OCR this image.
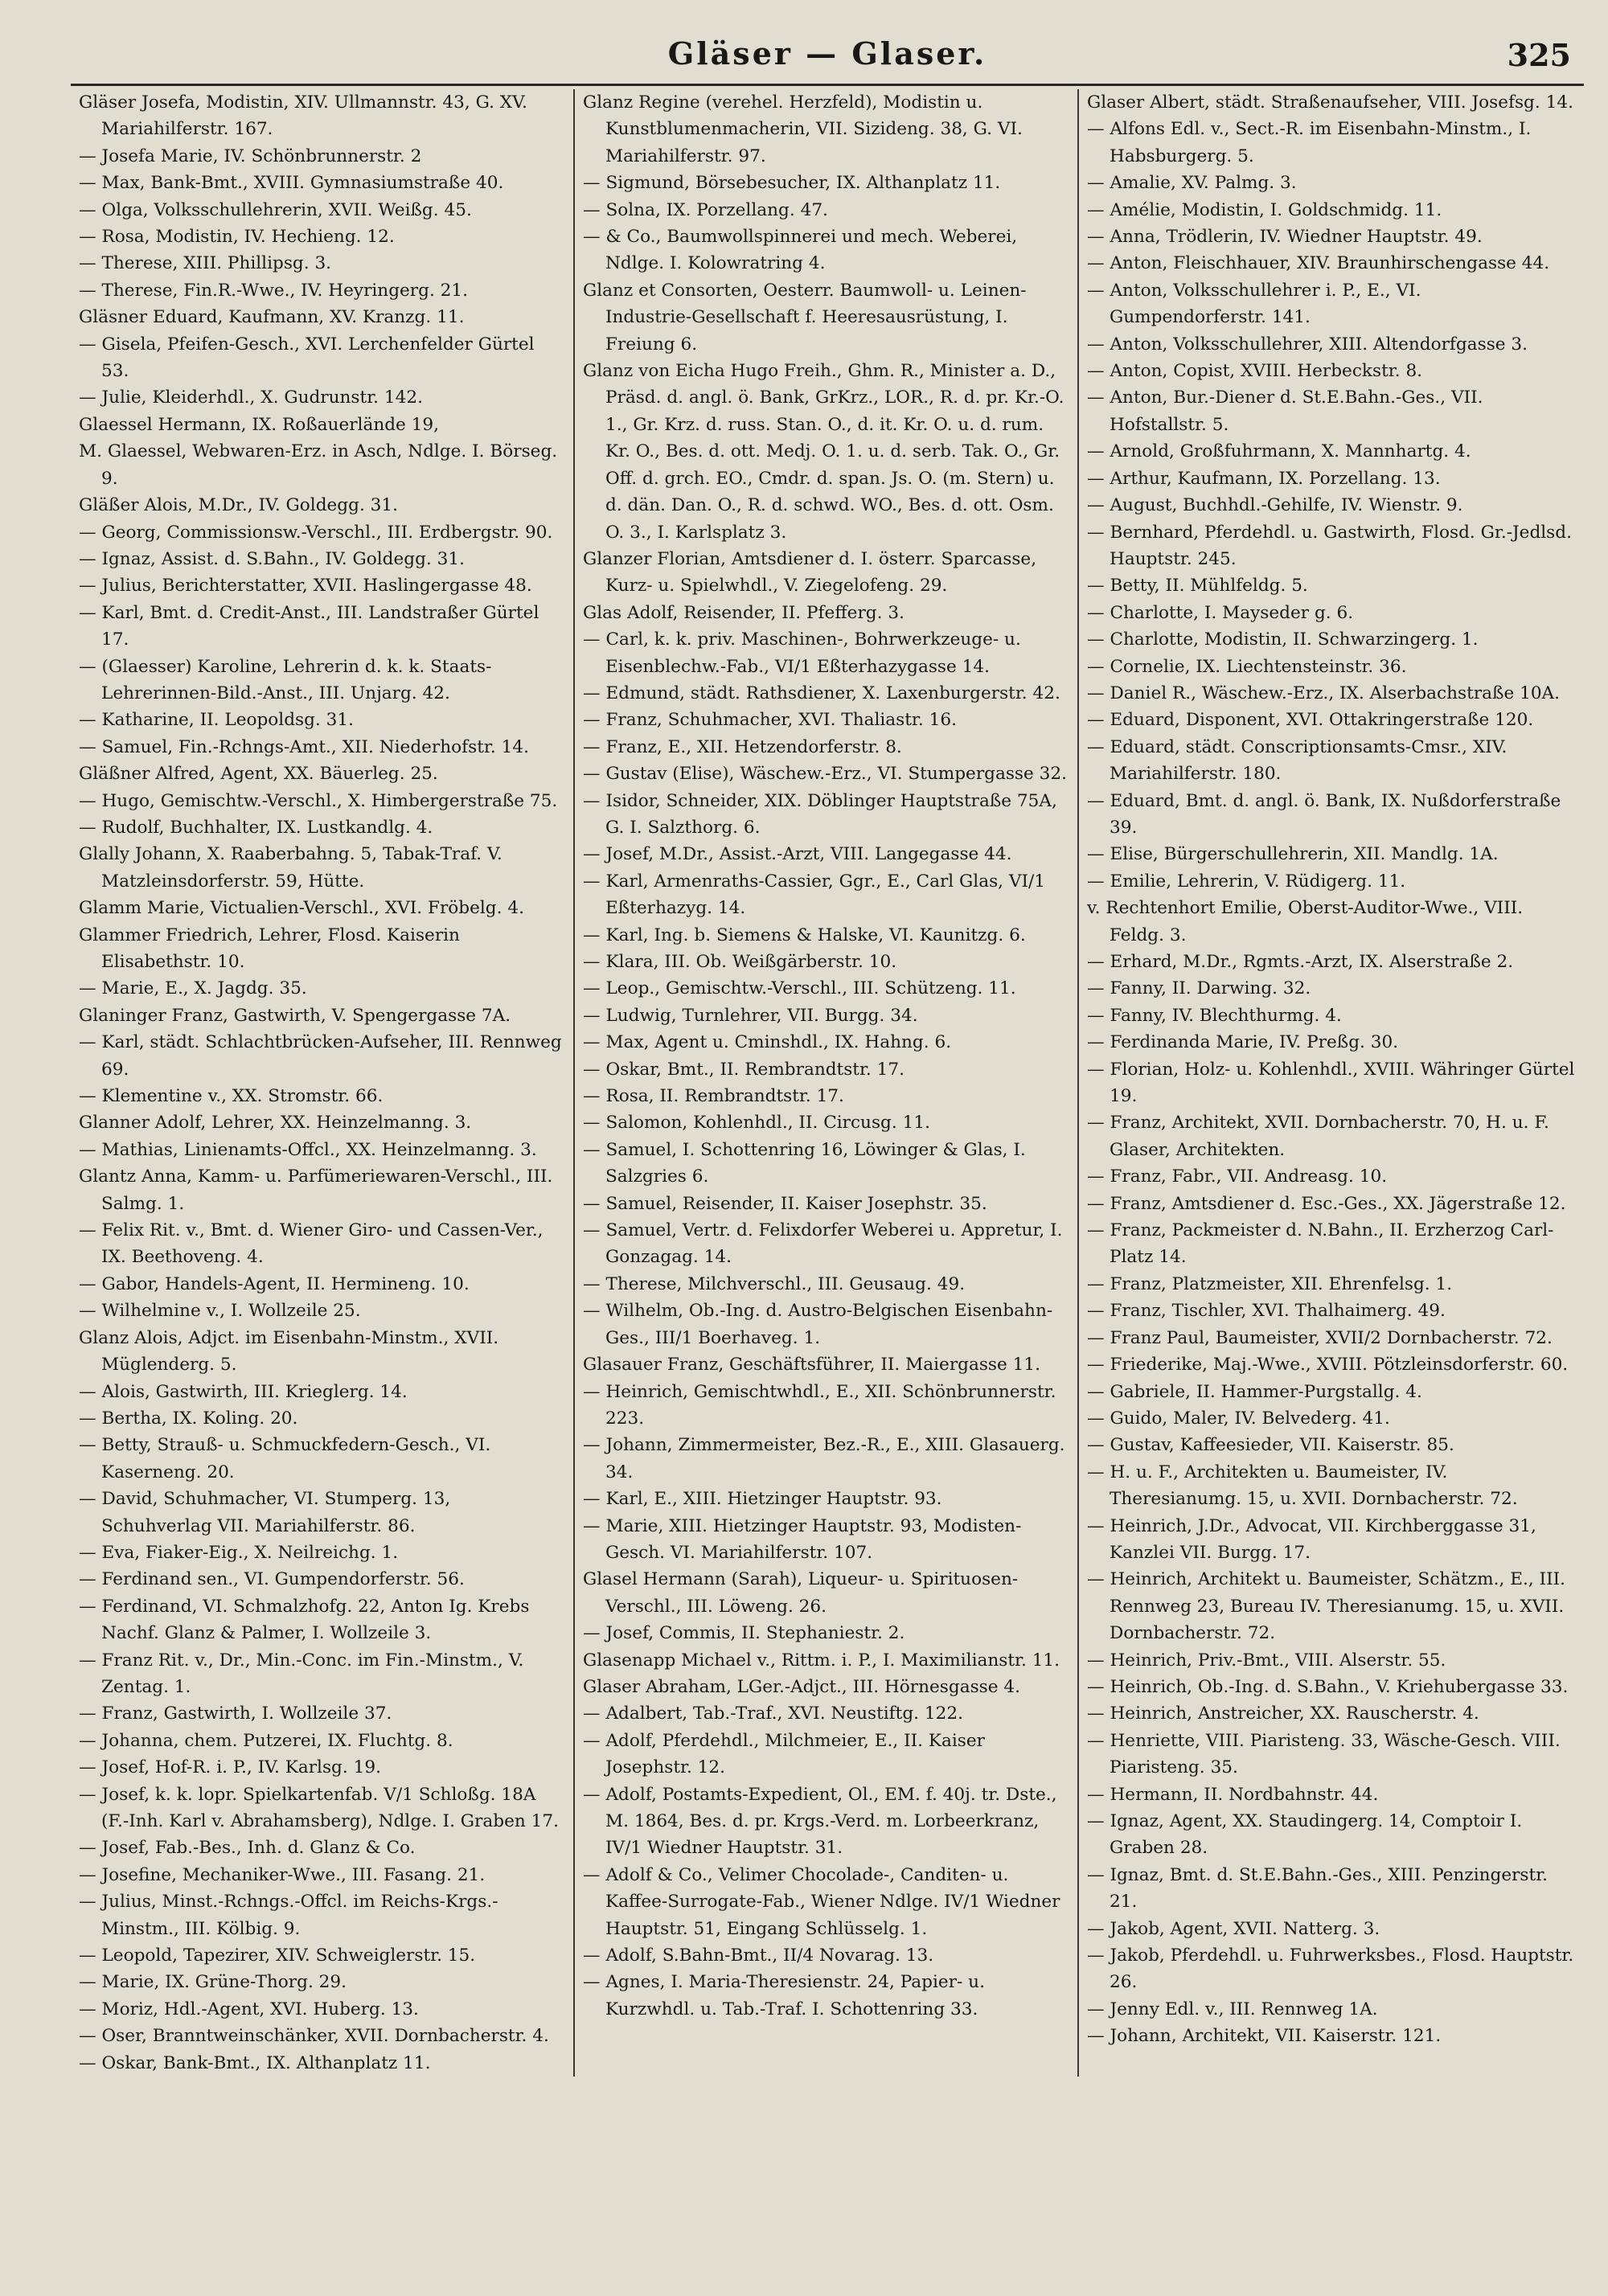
Gläser — Glaser.	325
Gläser Josefa, Modistin, XIV. Ullmannstr. 43, G. XV. Mariahilferstr. 167.
— Josefa Marie, IV. Schönbrunnerstr. 2
— Max, Bank-Bmt., XVIII. Gymnasiumstraße 40.
— Olga, Volksschullehrerin, XVII. Weißg. 45.
— Rosa, Modistin, IV. Hechieng. 12.
— Therese, XIII. Phillipsg. 3.
— Therese, Fin.R.-Wwe., IV. Heyringerg. 21.
Gläsner Eduard, Kaufmann, XV. Kranzg. 11.
— Gisela, Pfeifen-Gesch., XVI. Lerchenfelder Gürtel 53.
— Julie, Kleiderhdl., X. Gudrunstr. 142.
Glaessel Hermann, IX. Roßauerlände 19,
M. Glaessel, Webwaren-Erz. in Asch, Ndlge. I. Börseg. 9.
Gläßer Alois, M.Dr., IV. Goldegg. 31.
— Georg, Commissionsw.-Verschl., III. Erdbergstr. 90.
— Ignaz, Assist. d. S.Bahn., IV. Goldegg. 31.
— Julius, Berichterstatter, XVII. Haslingergasse 48.
— Karl, Bmt. d. Credit-Anst., III. Landstraßer Gürtel 17.
— (Glaesser) Karoline, Lehrerin d. k. k. Staats-Lehrerinnen-Bild.-Anst., III. Unjarg. 42.
— Katharine, II. Leopoldsg. 31.
— Samuel, Fin.-Rchngs-Amt., XII. Niederhofstr. 14.
Gläßner Alfred, Agent, XX. Bäuerleg. 25.
— Hugo, Gemischtw.-Verschl., X. Himbergerstraße 75.
— Rudolf, Buchhalter, IX. Lustkandlg. 4.
Glally Johann, X. Raaberbahng. 5, Tabak-Traf. V. Matzleinsdorferstr. 59, Hütte.
Glamm Marie, Victualien-Verschl., XVI. Fröbelg. 4.
Glammer Friedrich, Lehrer, Flosd. Kaiserin Elisabethstr. 10.
— Marie, E., X. Jagdg. 35.
Glaninger Franz, Gastwirth, V. Spengergasse 7A.
— Karl, städt. Schlachtbrücken-Aufseher, III. Rennweg 69.
— Klementine v., XX. Stromstr. 66.
Glanner Adolf, Lehrer, XX. Heinzelmanng. 3.
— Mathias, Linienamts-Offcl., XX. Heinzelmanng. 3.
Glantz Anna, Kamm- u. Parfümeriewaren-Verschl., III. Salmg. 1.
— Felix Rit. v., Bmt. d. Wiener Giro- und Cassen-Ver., IX. Beethoveng. 4.
— Gabor, Handels-Agent, II. Hermineng. 10.
— Wilhelmine v., I. Wollzeile 25.
Glanz Alois, Adjct. im Eisenbahn-Minstm., XVII. Müglenderg. 5.
— Alois, Gastwirth, III. Krieglerg. 14.
— Bertha, IX. Koling. 20.
— Betty, Strauß- u. Schmuckfedern-Gesch., VI. Kaserneng. 20.
— David, Schuhmacher, VI. Stumperg. 13, Schuhverlag VII. Mariahilferstr. 86.
— Eva, Fiaker-Eig., X. Neilreichg. 1.
— Ferdinand sen., VI. Gumpendorferstr. 56.
— Ferdinand, VI. Schmalzhofg. 22, Anton Ig. Krebs Nachf. Glanz & Palmer, I. Wollzeile 3.
— Franz Rit. v., Dr., Min.-Conc. im Fin.-Minstm., V. Zentag. 1.
— Franz, Gastwirth, I. Wollzeile 37.
— Johanna, chem. Putzerei, IX. Fluchtg. 8.
— Josef, Hof-R. i. P., IV. Karlsg. 19.
— Josef, k. k. lopr. Spielkartenfab. V/1 Schloßg. 18A (F.-Inh. Karl v. Abrahamsberg), Ndlge. I. Graben 17.
— Josef, Fab.-Bes., Inh. d. Glanz & Co.
— Josefine, Mechaniker-Wwe., III. Fasang. 21.
— Julius, Minst.-Rchngs.-Offcl. im Reichs-Krgs.-Minstm., III. Kölbig. 9.
— Leopold, Tapezirer, XIV. Schweiglerstr. 15.
— Marie, IX. Grüne-Thorg. 29.
— Moriz, Hdl.-Agent, XVI. Huberg. 13.
— Oser, Branntweinschänker, XVII. Dornbacherstr. 4.
— Oskar, Bank-Bmt., IX. Althanplatz 11.
Glanz Regine (verehel. Herzfeld), Modistin u. Kunstblumenmacherin, VII. Sizideng. 38, G. VI. Mariahilferstr. 97.
— Sigmund, Börsebesucher, IX. Althanplatz 11.
— Solna, IX. Porzellang. 47.
— & Co., Baumwollspinnerei und mech. Weberei, Ndlge. I. Kolowratring 4.
Glanz et Consorten, Oesterr. Baumwoll- u. Leinen-Industrie-Gesellschaft f. Heeresausrüstung, I. Freiung 6.
Glanz von Eicha Hugo Freih., Ghm. R., Minister a. D., Präsd. d. angl. ö. Bank, GrKrz., LOR., R. d. pr. Kr.-O. 1., Gr. Krz. d. russ. Stan. O., d. it. Kr. O. u. d. rum. Kr. O., Bes. d. ott. Medj. O. 1. u. d. serb. Tak. O., Gr. Off. d. grch. EO., Cmdr. d. span. Js. O. (m. Stern) u. d. dän. Dan. O., R. d. schwd. WO., Bes. d. ott. Osm. O. 3., I. Karlsplatz 3.
Glanzer Florian, Amtsdiener d. I. österr. Sparcasse, Kurz- u. Spielwhdl., V. Ziegelofeng. 29.
Glas Adolf, Reisender, II. Pfefferg. 3.
— Carl, k. k. priv. Maschinen-, Bohrwerkzeuge- u. Eisenblechw.-Fab., VI/1 Eßterhazygasse 14.
— Edmund, städt. Rathsdiener, X. Laxenburgerstr. 42.
— Franz, Schuhmacher, XVI. Thaliastr. 16.
— Franz, E., XII. Hetzendorferstr. 8.
— Gustav (Elise), Wäschew.-Erz., VI. Stumpergasse 32.
— Isidor, Schneider, XIX. Döblinger Hauptstraße 75A, G. I. Salzthorg. 6.
— Josef, M.Dr., Assist.-Arzt, VIII. Langegasse 44.
— Karl, Armenraths-Cassier, Ggr., E., Carl Glas, VI/1 Eßterhazyg. 14.
— Karl, Ing. b. Siemens & Halske, VI. Kaunitzg. 6.
— Klara, III. Ob. Weißgärberstr. 10.
— Leop., Gemischtw.-Verschl., III. Schützeng. 11.
— Ludwig, Turnlehrer, VII. Burgg. 34.
— Max, Agent u. Cminshdl., IX. Hahng. 6.
— Oskar, Bmt., II. Rembrandtstr. 17.
— Rosa, II. Rembrandtstr. 17.
— Salomon, Kohlenhdl., II. Circusg. 11.
— Samuel, I. Schottenring 16, Löwinger & Glas, I. Salzgries 6.
— Samuel, Reisender, II. Kaiser Josephstr. 35.
— Samuel, Vertr. d. Felixdorfer Weberei u. Appretur, I. Gonzagag. 14.
— Therese, Milchverschl., III. Geusaug. 49.
— Wilhelm, Ob.-Ing. d. Austro-Belgischen Eisenbahn-Ges., III/1 Boerhaveg. 1.
Glasauer Franz, Geschäftsführer, II. Maiergasse 11.
— Heinrich, Gemischtwhdl., E., XII. Schönbrunnerstr. 223.
— Johann, Zimmermeister, Bez.-R., E., XIII. Glasauerg. 34.
— Karl, E., XIII. Hietzinger Hauptstr. 93.
— Marie, XIII. Hietzinger Hauptstr. 93, Modisten-Gesch. VI. Mariahilferstr. 107.
Glasel Hermann (Sarah), Liqueur- u. Spirituosen-Verschl., III. Löweng. 26.
— Josef, Commis, II. Stephaniestr. 2.
Glasenapp Michael v., Rittm. i. P., I. Maximilianstr. 11.
Glaser Abraham, LGer.-Adjct., III. Hörnesgasse 4.
— Adalbert, Tab.-Traf., XVI. Neustiftg. 122.
— Adolf, Pferdehdl., Milchmeier, E., II. Kaiser Josephstr. 12.
— Adolf, Postamts-Expedient, Ol., EM. f. 40j. tr. Dste., M. 1864, Bes. d. pr. Krgs.-Verd. m. Lorbeerkranz, IV/1 Wiedner Hauptstr. 31.
— Adolf & Co., Velimer Chocolade-, Canditen- u. Kaffee-Surrogate-Fab., Wiener Ndlge. IV/1 Wiedner Hauptstr. 51, Eingang Schlüsselg. 1.
— Adolf, S.Bahn-Bmt., II/4 Novarag. 13.
— Agnes, I. Maria-Theresienstr. 24, Papier- u. Kurzwhdl. u. Tab.-Traf. I. Schottenring 33.
Glaser Albert, städt. Straßenaufseher, VIII. Josefsg. 14.
— Alfons Edl. v., Sect.-R. im Eisenbahn-Minstm., I. Habsburgerg. 5.
— Amalie, XV. Palmg. 3.
— Amélie, Modistin, I. Goldschmidg. 11.
— Anna, Trödlerin, IV. Wiedner Hauptstr. 49.
— Anton, Fleischhauer, XIV. Braunhirschengasse 44.
— Anton, Volksschullehrer i. P., E., VI. Gumpendorferstr. 141.
— Anton, Volksschullehrer, XIII. Altendorfgasse 3.
— Anton, Copist, XVIII. Herbeckstr. 8.
— Anton, Bur.-Diener d. St.E.Bahn.-Ges., VII. Hofstallstr. 5.
— Arnold, Großfuhrmann, X. Mannhartg. 4.
— Arthur, Kaufmann, IX. Porzellang. 13.
— August, Buchhdl.-Gehilfe, IV. Wienstr. 9.
— Bernhard, Pferdehdl. u. Gastwirth, Flosd. Gr.-Jedlsd. Hauptstr. 245.
— Betty, II. Mühlfeldg. 5.
— Charlotte, I. Mayseder g. 6.
— Charlotte, Modistin, II. Schwarzingerg. 1.
— Cornelie, IX. Liechtensteinstr. 36.
— Daniel R., Wäschew.-Erz., IX. Alserbachstraße 10A.
— Eduard, Disponent, XVI. Ottakringerstraße 120.
— Eduard, städt. Conscriptionsamts-Cmsr., XIV. Mariahilferstr. 180.
— Eduard, Bmt. d. angl. ö. Bank, IX. Nußdorferstraße 39.
— Elise, Bürgerschullehrerin, XII. Mandlg. 1A.
— Emilie, Lehrerin, V. Rüdigerg. 11.
v. Rechtenhort Emilie, Oberst-Auditor-Wwe., VIII. Feldg. 3.
— Erhard, M.Dr., Rgmts.-Arzt, IX. Alserstraße 2.
— Fanny, II. Darwing. 32.
— Fanny, IV. Blechthurmg. 4.
— Ferdinanda Marie, IV. Preßg. 30.
— Florian, Holz- u. Kohlenhdl., XVIII. Währinger Gürtel 19.
— Franz, Architekt, XVII. Dornbacherstr. 70, H. u. F. Glaser, Architekten.
— Franz, Fabr., VII. Andreasg. 10.
— Franz, Amtsdiener d. Esc.-Ges., XX. Jägerstraße 12.
— Franz, Packmeister d. N.Bahn., II. Erzherzog Carl-Platz 14.
— Franz, Platzmeister, XII. Ehrenfelsg. 1.
— Franz, Tischler, XVI. Thalhaimerg. 49.
— Franz Paul, Baumeister, XVII/2 Dornbacherstr. 72.
— Friederike, Maj.-Wwe., XVIII. Pötzleinsdorferstr. 60.
— Gabriele, II. Hammer-Purgstallg. 4.
— Guido, Maler, IV. Belvederg. 41.
— Gustav, Kaffeesieder, VII. Kaiserstr. 85.
— H. u. F., Architekten u. Baumeister, IV. Theresianumg. 15, u. XVII. Dornbacherstr. 72.
— Heinrich, J.Dr., Advocat, VII. Kirchberggasse 31, Kanzlei VII. Burgg. 17.
— Heinrich, Architekt u. Baumeister, Schätzm., E., III. Rennweg 23, Bureau IV. Theresianumg. 15, u. XVII. Dornbacherstr. 72.
— Heinrich, Priv.-Bmt., VIII. Alserstr. 55.
— Heinrich, Ob.-Ing. d. S.Bahn., V. Kriehubergasse 33.
— Heinrich, Anstreicher, XX. Rauscherstr. 4.
— Henriette, VIII. Piaristeng. 33, Wäsche-Gesch. VIII. Piaristeng. 35.
— Hermann, II. Nordbahnstr. 44.
— Ignaz, Agent, XX. Staudingerg. 14, Comptoir I. Graben 28.
— Ignaz, Bmt. d. St.E.Bahn.-Ges., XIII. Penzingerstr. 21.
— Jakob, Agent, XVII. Natterg. 3.
— Jakob, Pferdehdl. u. Fuhrwerksbes., Flosd. Hauptstr. 26.
— Jenny Edl. v., III. Rennweg 1A.
— Johann, Architekt, VII. Kaiserstr. 121.
